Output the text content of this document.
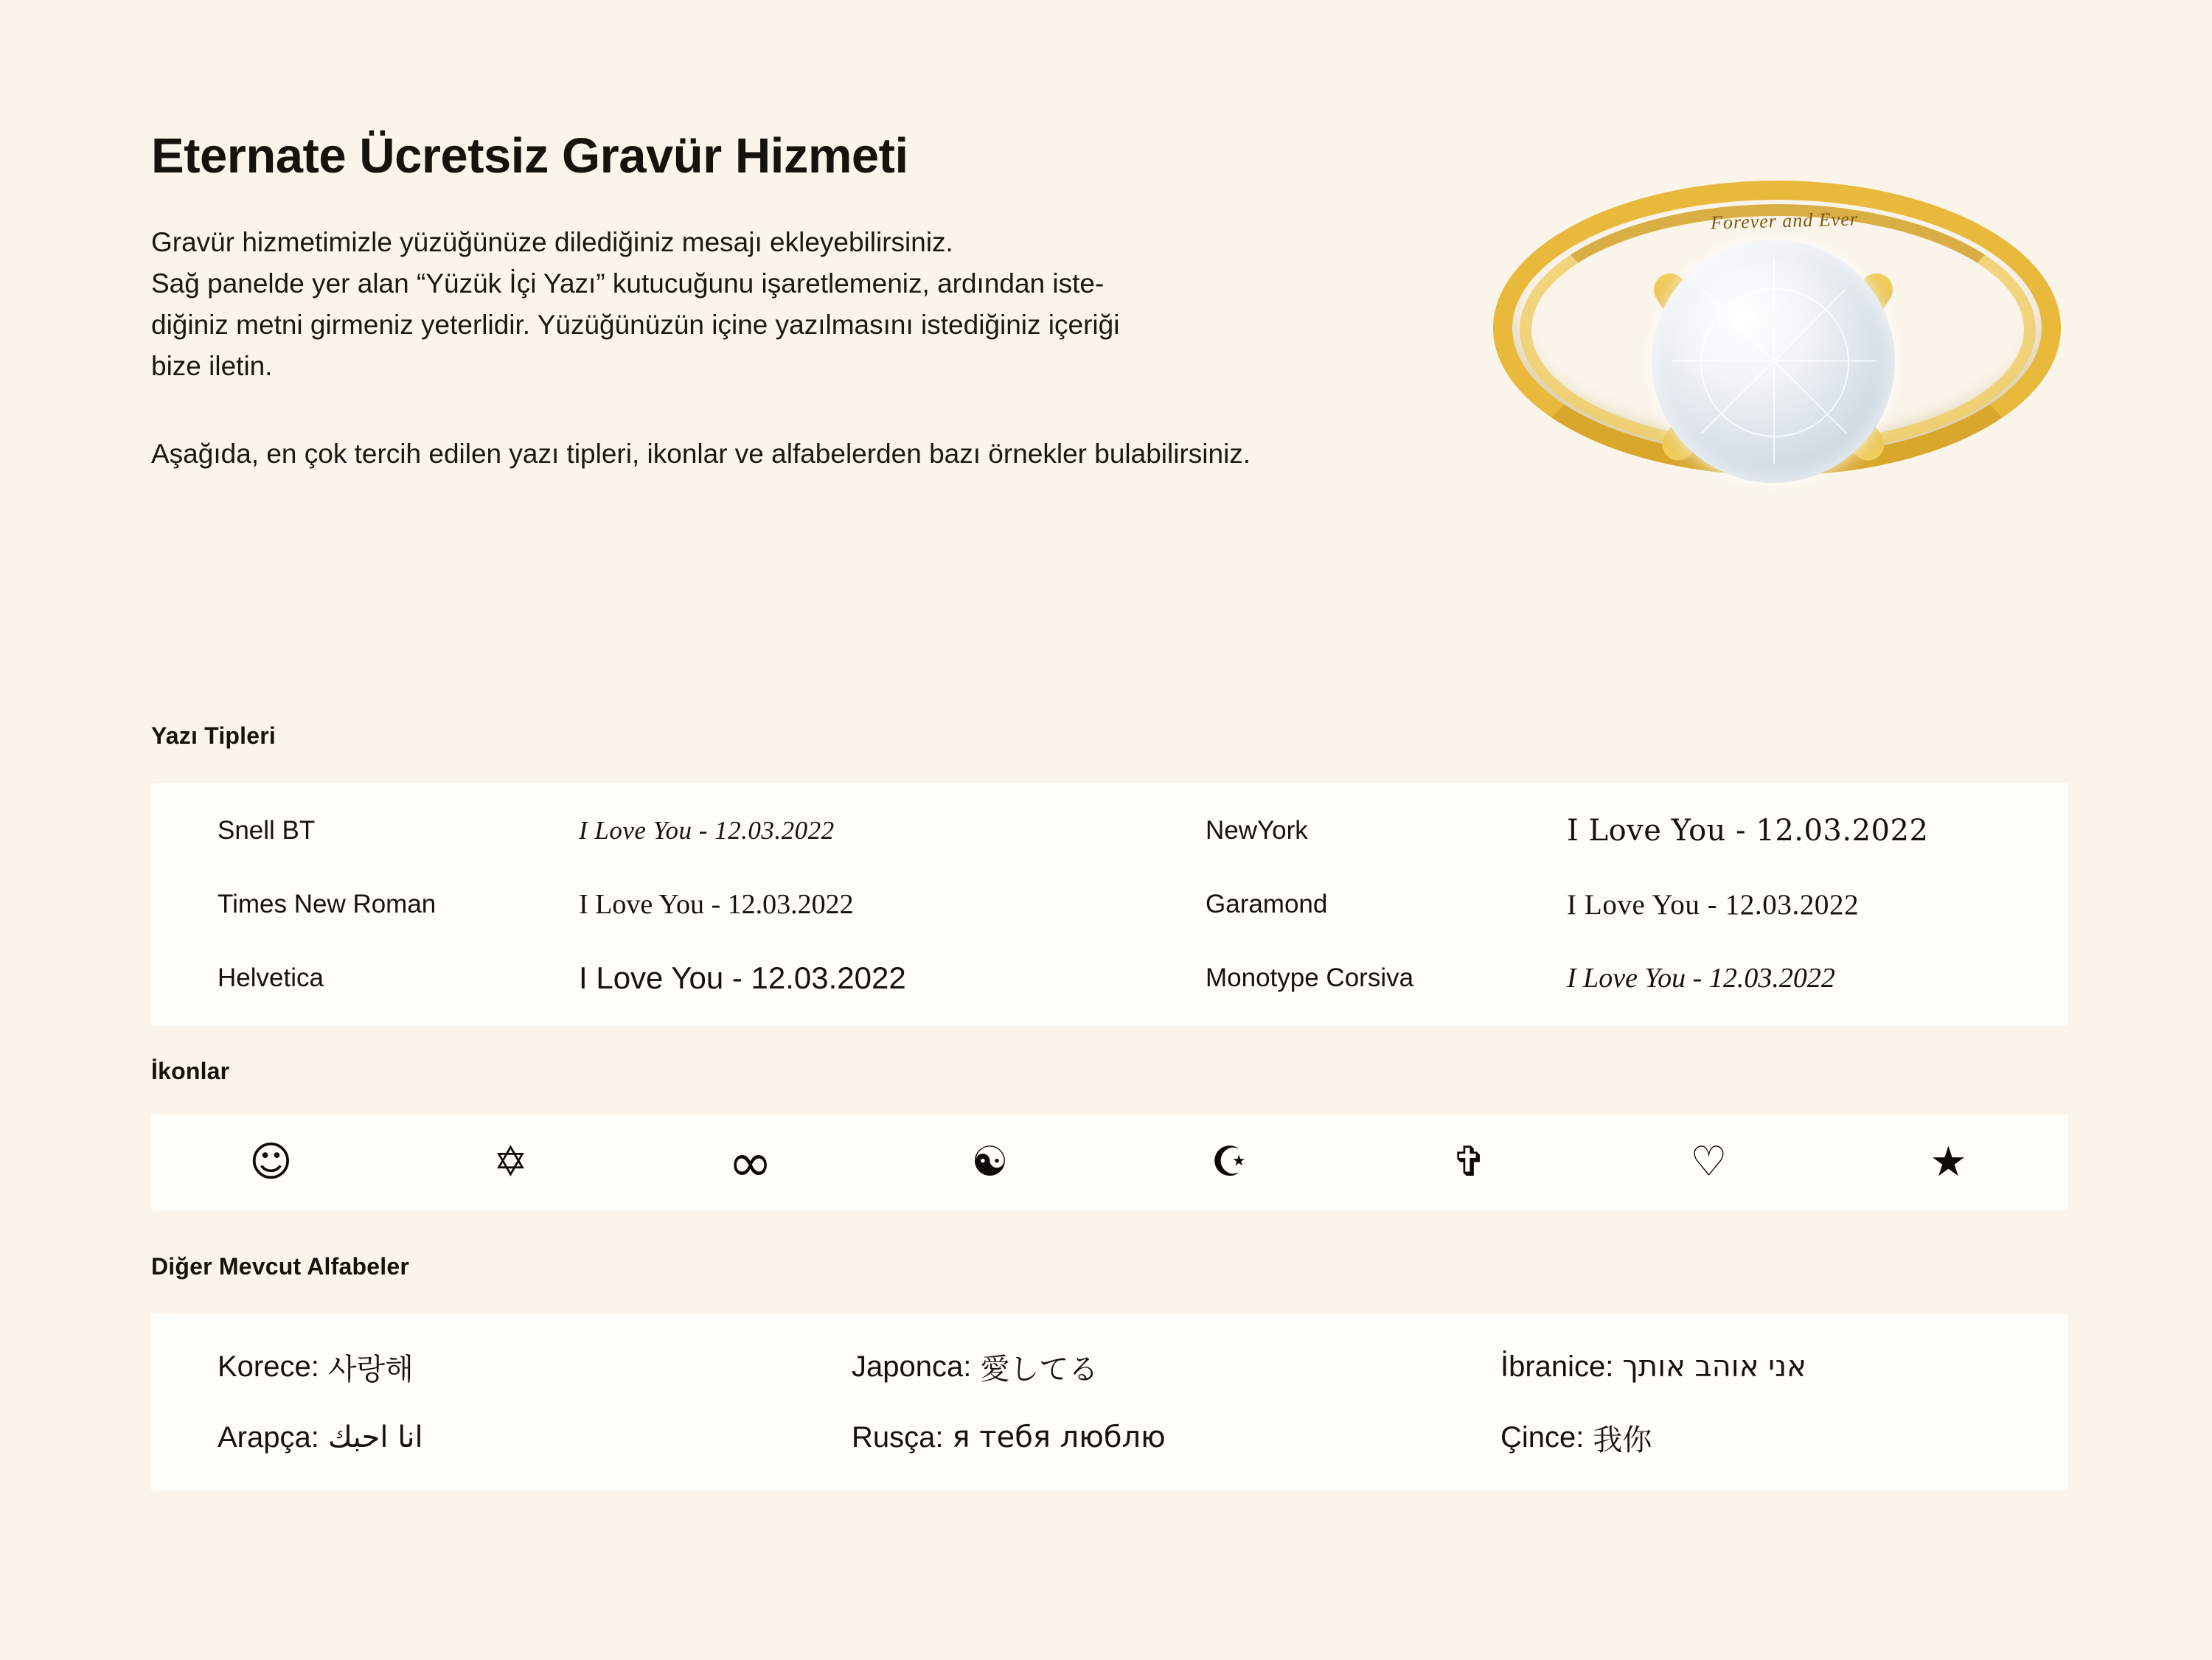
Eternate Ücretsiz Gravür Hizmeti

Gravür hizmetimizle yüzüğünüze dilediğiniz mesajı ekleyebilirsiniz.
Sağ panelde yer alan “Yüzük İçi Yazı” kutucuğunu işaretlemeniz, ardından iste-
diğiniz metni girmeniz yeterlidir. Yüzüğünüzün içine yazılmasını istediğiniz içeriği
bize iletin.

Aşağıda, en çok tercih edilen yazı tipleri, ikonlar ve alfabelerden bazı örnekler bulabilirsiniz.

Forever and Ever
Yazı Tipleri
Snell BT	I Love You - 12.03.2022	NewYork	I Love You - 12.03.2022
Times New Roman	I Love You - 12.03.2022	Garamond	I Love You - 12.03.2022
Helvetica	I Love You - 12.03.2022	Monotype Corsiva	I Love You - 12.03.2022
İkonlar
☺	✡	∞	☯	☪	✞	♡	★
Diğer Mevcut Alfabeler
Korece: 사랑해	Japonca: 愛してる	İbranice: אני אוהב אותך
Arapça: انا احبك	Rusça: я тебя люблю	Çince: 我你
